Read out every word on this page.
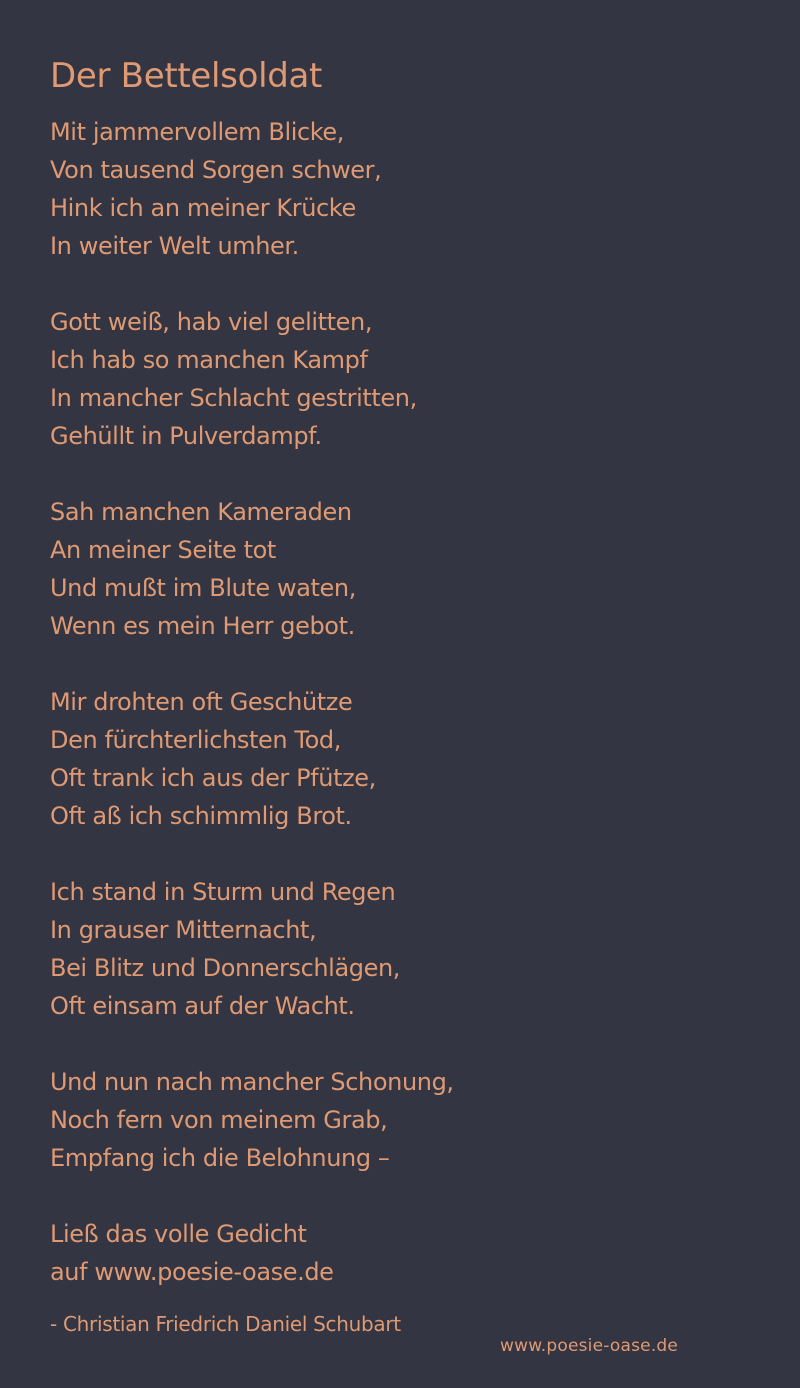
Der Bettelsoldat
Mit jammervollem Blicke,
Von tausend Sorgen schwer,
Hink ich an meiner Krücke
In weiter Welt umher.
Gott weiß, hab viel gelitten,
Ich hab so manchen Kampf
In mancher Schlacht gestritten,
Gehüllt in Pulverdampf.
Sah manchen Kameraden
An meiner Seite tot
Und mußt im Blute waten,
Wenn es mein Herr gebot.
Mir drohten oft Geschütze
Den fürchterlichsten Tod,
Oft trank ich aus der Pfütze,
Oft aß ich schimmlig Brot.
Ich stand in Sturm und Regen
In grauser Mitternacht,
Bei Blitz und Donnerschlägen,
Oft einsam auf der Wacht.
Und nun nach mancher Schonung,
Noch fern von meinem Grab,
Empfang ich die Belohnung –
Ließ das volle Gedicht
auf www.poesie-oase.de
- Christian Friedrich Daniel Schubart
www.poesie-oase.de
